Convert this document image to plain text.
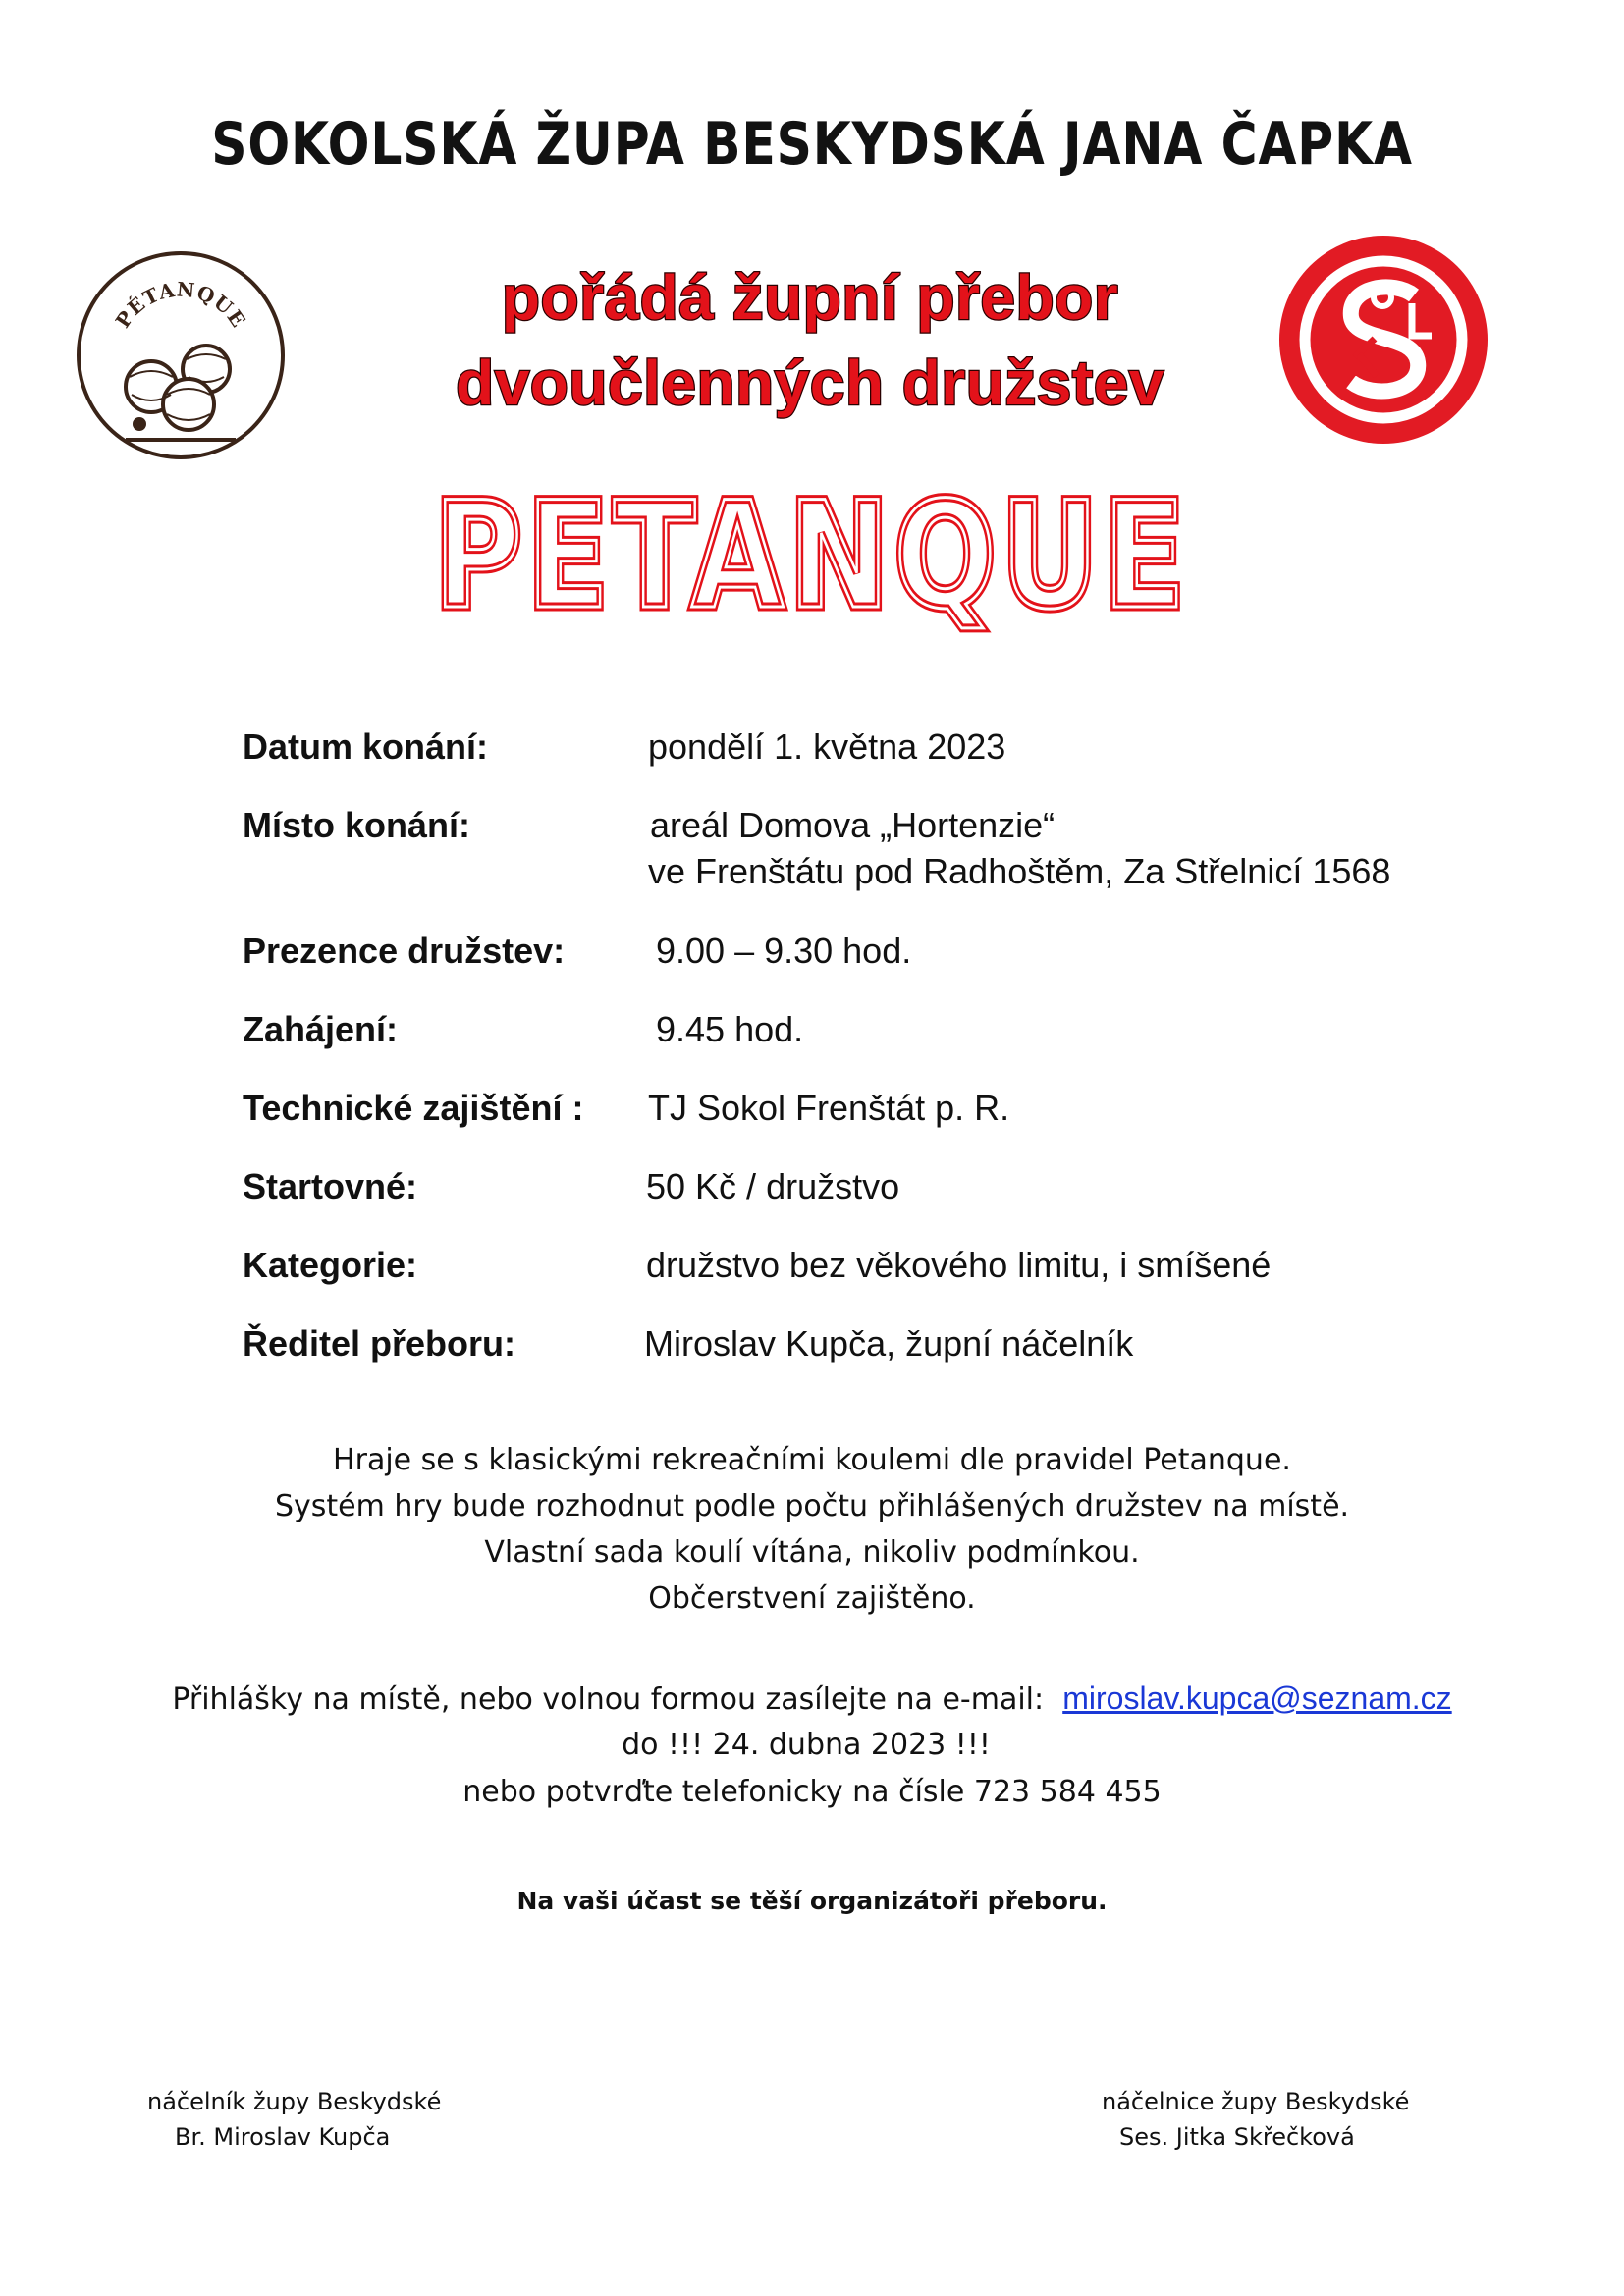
SOKOLSKÁ ŽUPA BESKYDSKÁ JANA ČAPKA
PÉTANQUE	pořádá župní přebor
dvoučlenných družstev
PETANQUE
PETANQUE
Datum konání:	pondělí 1. května 2023
Místo konání:	areál Domova „Hortenzie“
ve Frenštátu pod Radhoštěm, Za Střelnicí 1568
Prezence družstev:	9.00 – 9.30 hod.
Zahájení:	9.45 hod.
Technické zajištění : TJ Sokol Frenštát p. R.
Startovné:	50 Kč / družstvo
Kategorie:	družstvo bez věkového limitu, i smíšené
Ředitel přeboru:	Miroslav Kupča, župní náčelník
Hraje se s klasickými rekreačními koulemi dle pravidel Petanque.
Systém hry bude rozhodnut podle počtu přihlášených družstev na místě.
Vlastní sada koulí vítána, nikoliv podmínkou.
Občerstvení zajištěno.
Přihlášky na místě, nebo volnou formou zasílejte na e-mail: miroslav.kupca@seznam.cz
do !!! 24. dubna 2023 !!!
nebo potvrďte telefonicky na čísle 723 584 455
Na vaši účast se těší organizátoři přeboru.
náčelník župy Beskydské
Br. Miroslav Kupča
náčelnice župy Beskydské
Ses. Jitka Skřečková
